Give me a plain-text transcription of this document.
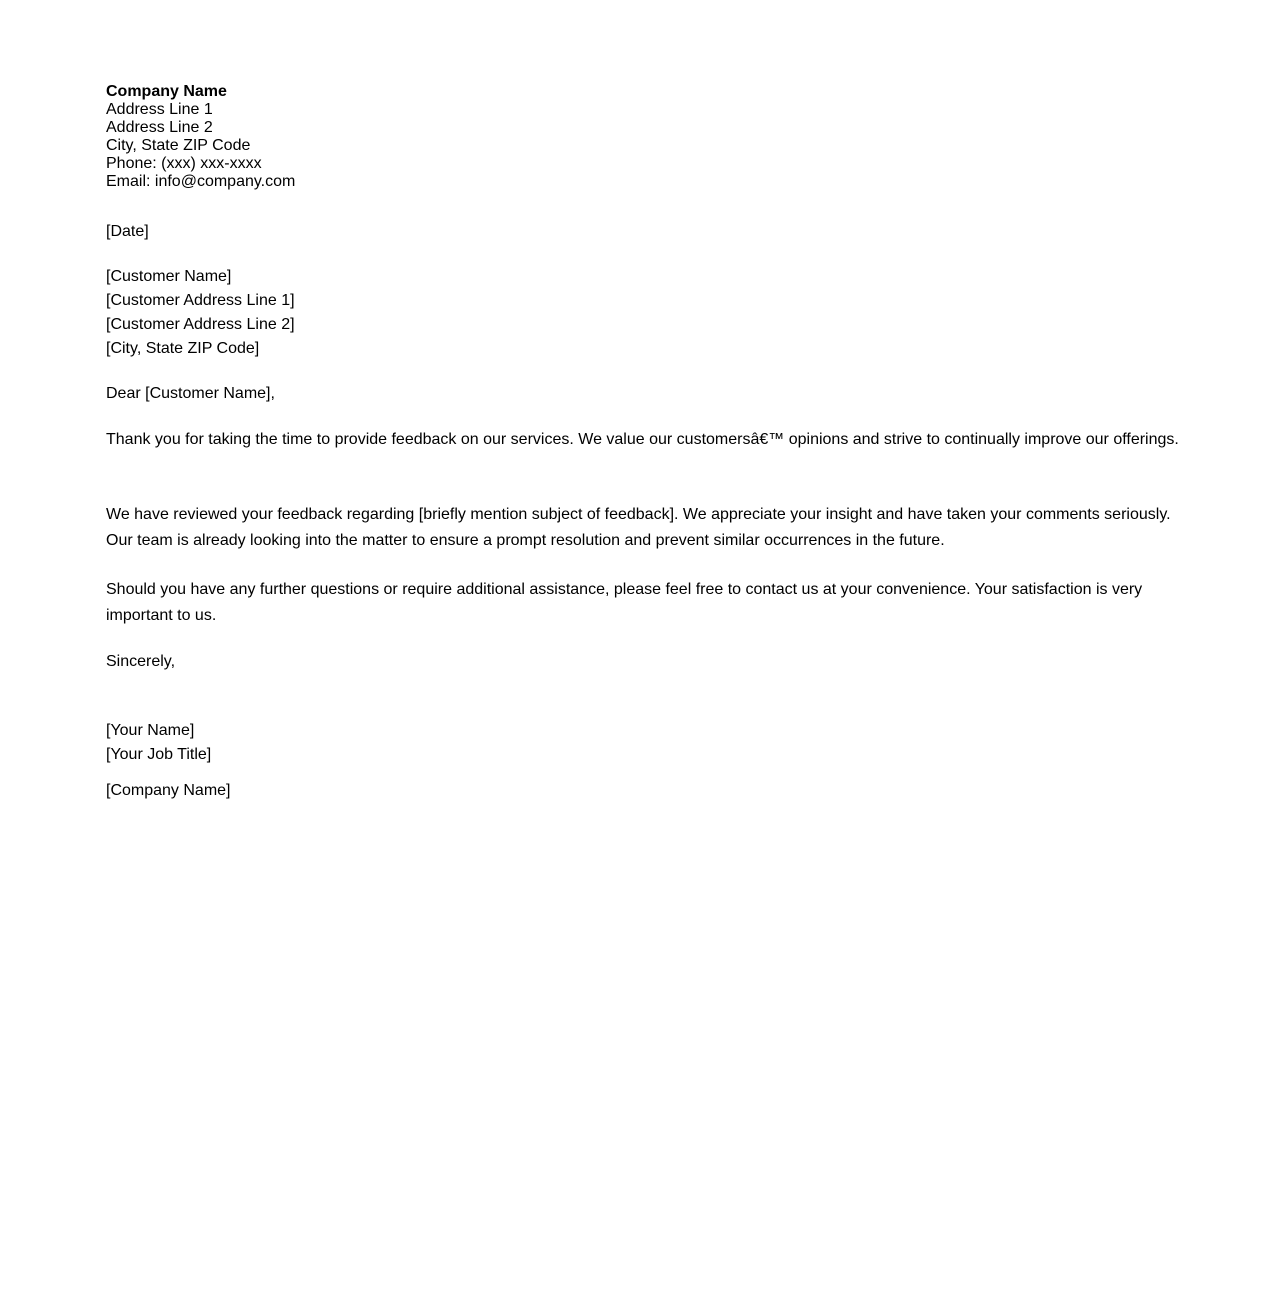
Company Name
Address Line 1
Address Line 2
City, State ZIP Code
Phone: (xxx) xxx-xxxx
Email: info@company.com
[Date]
[Customer Name]
[Customer Address Line 1]
[Customer Address Line 2]
[City, State ZIP Code]
Dear [Customer Name],

Thank you for taking the time to provide feedback on our services. We value our customersâ€™ opinions and strive to continually improve our offerings.

We have reviewed your feedback regarding [briefly mention subject of feedback]. We appreciate your insight and have taken your comments seriously. Our team is already looking into the matter to ensure a prompt resolution and prevent similar occurrences in the future.

Should you have any further questions or require additional assistance, please feel free to contact us at your convenience. Your satisfaction is very important to us.

Sincerely,
[Your Name]
[Your Job Title]
[Company Name]
